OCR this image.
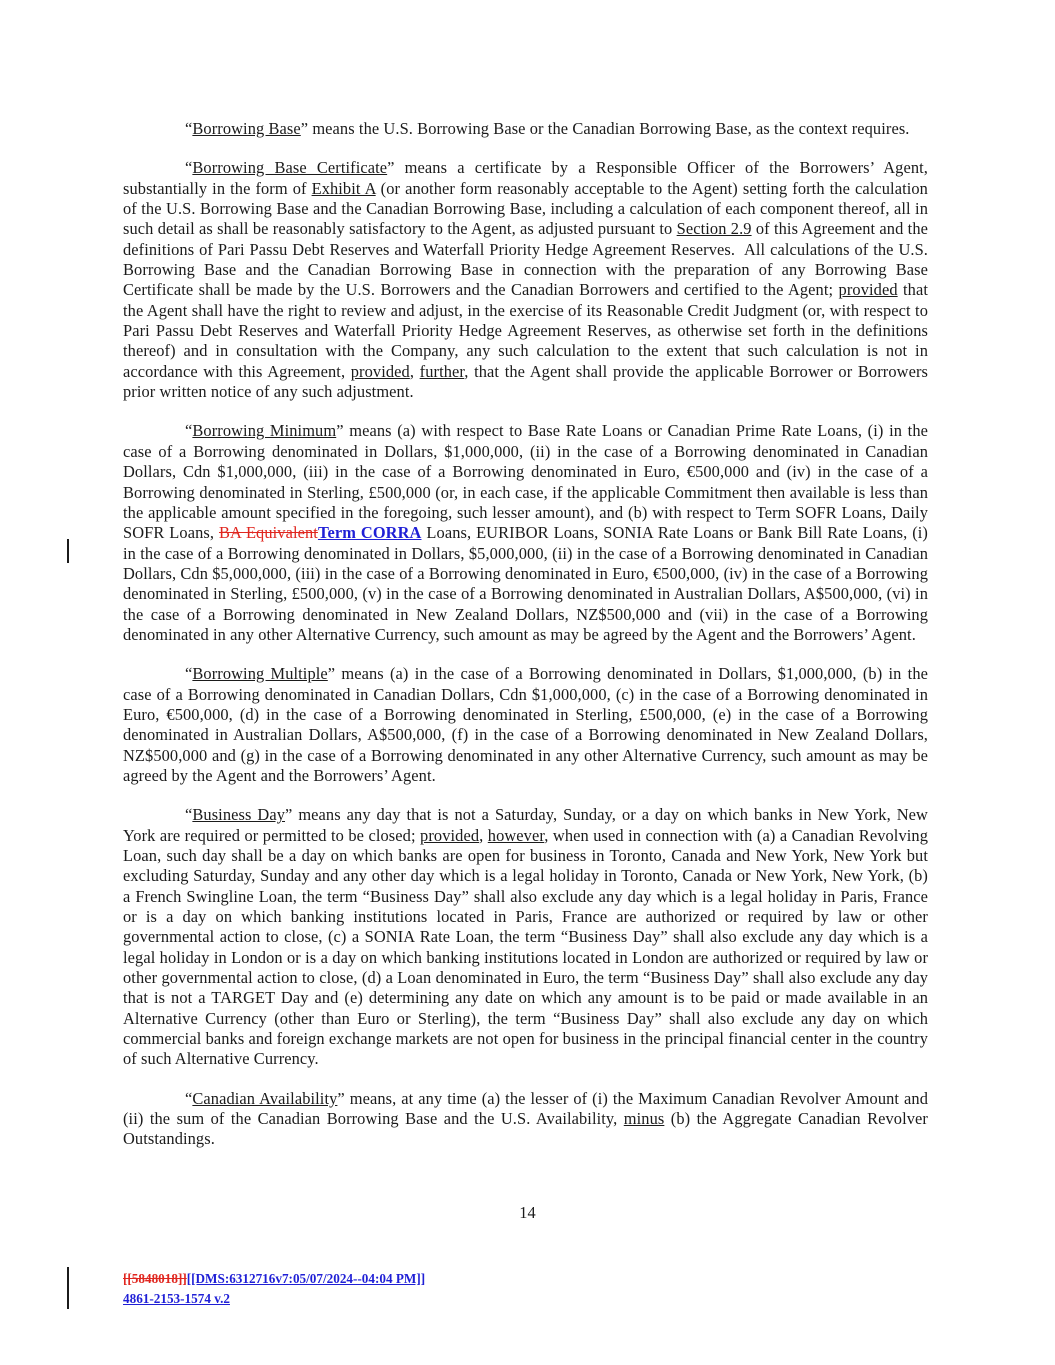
“Borrowing Base” means the U.S. Borrowing Base or the Canadian Borrowing Base, as the context requires.

“Borrowing Base Certificate” means a certificate by a Responsible Officer of the Borrowers’ Agent, substantially in the form of Exhibit A (or another form reasonably acceptable to the Agent) setting forth the calculation of the U.S. Borrowing Base and the Canadian Borrowing Base, including a calculation of each component thereof, all in such detail as shall be reasonably satisfactory to the Agent, as adjusted pursuant to Section 2.9 of this Agreement and the definitions of Pari Passu Debt Reserves and Waterfall Priority Hedge Agreement Reserves.  All calculations of the U.S. Borrowing Base and the Canadian Borrowing Base in connection with the preparation of any Borrowing Base Certificate shall be made by the U.S. Borrowers and the Canadian Borrowers and certified to the Agent; provided that the Agent shall have the right to review and adjust, in the exercise of its Reasonable Credit Judgment (or, with respect to Pari Passu Debt Reserves and Waterfall Priority Hedge Agreement Reserves, as otherwise set forth in the definitions thereof) and in consultation with the Company, any such calculation to the extent that such calculation is not in accordance with this Agreement, provided, further, that the Agent shall provide the applicable Borrower or Borrowers prior written notice of any such adjustment.

“Borrowing Minimum” means (a) with respect to Base Rate Loans or Canadian Prime Rate Loans, (i) in the case of a Borrowing denominated in Dollars, $1,000,000, (ii) in the case of a Borrowing denominated in Canadian Dollars, Cdn $1,000,000, (iii) in the case of a Borrowing denominated in Euro, €500,000 and (iv) in the case of a Borrowing denominated in Sterling, £500,000 (or, in each case, if the applicable Commitment then available is less than the applicable amount specified in the foregoing, such lesser amount), and (b) with respect to Term SOFR Loans, Daily SOFR Loans, BA EquivalentTerm CORRA Loans, EURIBOR Loans, SONIA Rate Loans or Bank Bill Rate Loans, (i) in the case of a Borrowing denominated in Dollars, $5,000,000, (ii) in the case of a Borrowing denominated in Canadian Dollars, Cdn $5,000,000, (iii) in the case of a Borrowing denominated in Euro, €500,000, (iv) in the case of a Borrowing denominated in Sterling, £500,000, (v) in the case of a Borrowing denominated in Australian Dollars, A$500,000, (vi) in the case of a Borrowing denominated in New Zealand Dollars, NZ$500,000 and (vii) in the case of a Borrowing denominated in any other Alternative Currency, such amount as may be agreed by the Agent and the Borrowers’ Agent.

“Borrowing Multiple” means (a) in the case of a Borrowing denominated in Dollars, $1,000,000, (b) in the case of a Borrowing denominated in Canadian Dollars, Cdn $1,000,000, (c) in the case of a Borrowing denominated in Euro, €500,000, (d) in the case of a Borrowing denominated in Sterling, £500,000, (e) in the case of a Borrowing denominated in Australian Dollars, A$500,000, (f) in the case of a Borrowing denominated in New Zealand Dollars, NZ$500,000 and (g) in the case of a Borrowing denominated in any other Alternative Currency, such amount as may be agreed by the Agent and the Borrowers’ Agent.

“Business Day” means any day that is not a Saturday, Sunday, or a day on which banks in New York, New York are required or permitted to be closed; provided, however, when used in connection with (a) a Canadian Revolving Loan, such day shall be a day on which banks are open for business in Toronto, Canada and New York, New York but excluding Saturday, Sunday and any other day which is a legal holiday in Toronto, Canada or New York, New York, (b) a French Swingline Loan, the term “Business Day” shall also exclude any day which is a legal holiday in Paris, France or is a day on which banking institutions located in Paris, France are authorized or required by law or other governmental action to close, (c) a SONIA Rate Loan, the term “Business Day” shall also exclude any day which is a legal holiday in London or is a day on which banking institutions located in London are authorized or required by law or other governmental action to close, (d) a Loan denominated in Euro, the term “Business Day” shall also exclude any day that is not a TARGET Day and (e) determining any date on which any amount is to be paid or made available in an Alternative Currency (other than Euro or Sterling), the term “Business Day” shall also exclude any day on which commercial banks and foreign exchange markets are not open for business in the principal financial center in the country of such Alternative Currency.

“Canadian Availability” means, at any time (a) the lesser of (i) the Maximum Canadian Revolver Amount and (ii) the sum of the Canadian Borrowing Base and the U.S. Availability, minus (b) the Aggregate Canadian Revolver Outstandings.

14
[[5848018]][[DMS:6312716v7:05/07/2024--04:04 PM]]
4861-2153-1574 v.2
